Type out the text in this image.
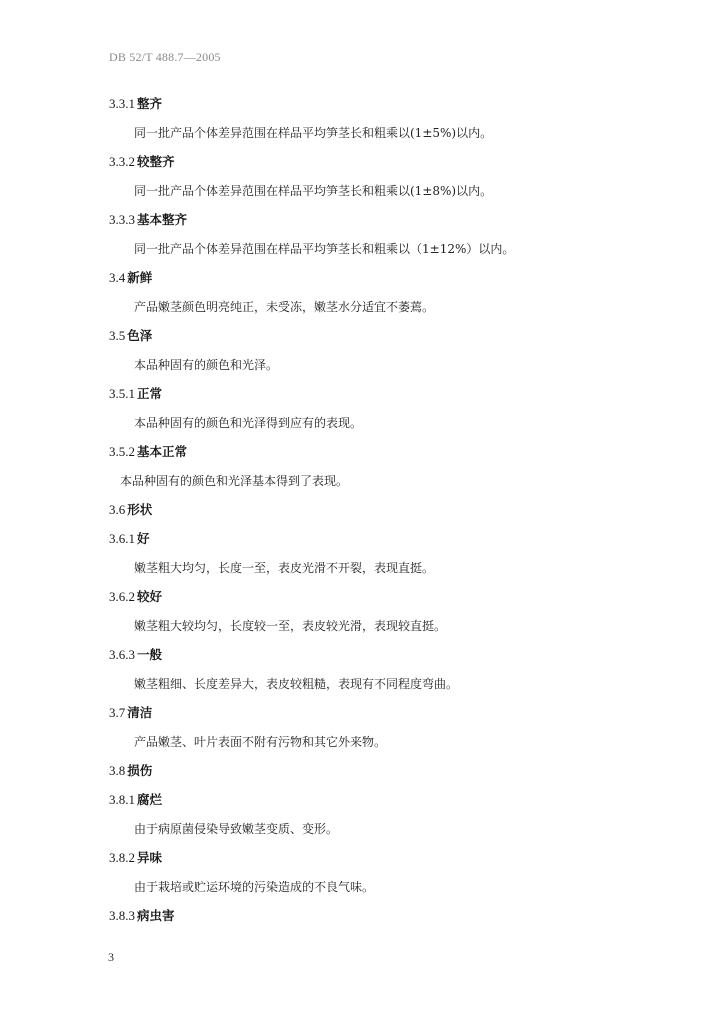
DB 52/T 488.7—2005
3.3.1 整齐
同一批产品个体差异范围在样品平均笋茎长和粗乘以(1±5%)以内。
3.3.2 较整齐
同一批产品个体差异范围在样品平均笋茎长和粗乘以(1±8%)以内。
3.3.3 基本整齐
同一批产品个体差异范围在样品平均笋茎长和粗乘以（1±12%）以内。
3.4 新鲜
产品嫩茎颜色明亮纯正，未受冻，嫩茎水分适宜不萎蔫。
3.5 色泽
本品种固有的颜色和光泽。
3.5.1 正常
本品种固有的颜色和光泽得到应有的表现。
3.5.2 基本正常
本品种固有的颜色和光泽基本得到了表现。
3.6 形状
3.6.1 好
嫩茎粗大均匀，长度一至，表皮光滑不开裂，表现直挺。
3.6.2 较好
嫩茎粗大较均匀，长度较一至，表皮较光滑，表现较直挺。
3.6.3 一般
嫩茎粗细、长度差异大，表皮较粗糙，表现有不同程度弯曲。
3.7 清洁
产品嫩茎、叶片表面不附有污物和其它外来物。
3.8 损伤
3.8.1 腐烂
由于病原菌侵染导致嫩茎变质、变形。
3.8.2 异味
由于栽培或贮运环境的污染造成的不良气味。
3.8.3 病虫害
3
